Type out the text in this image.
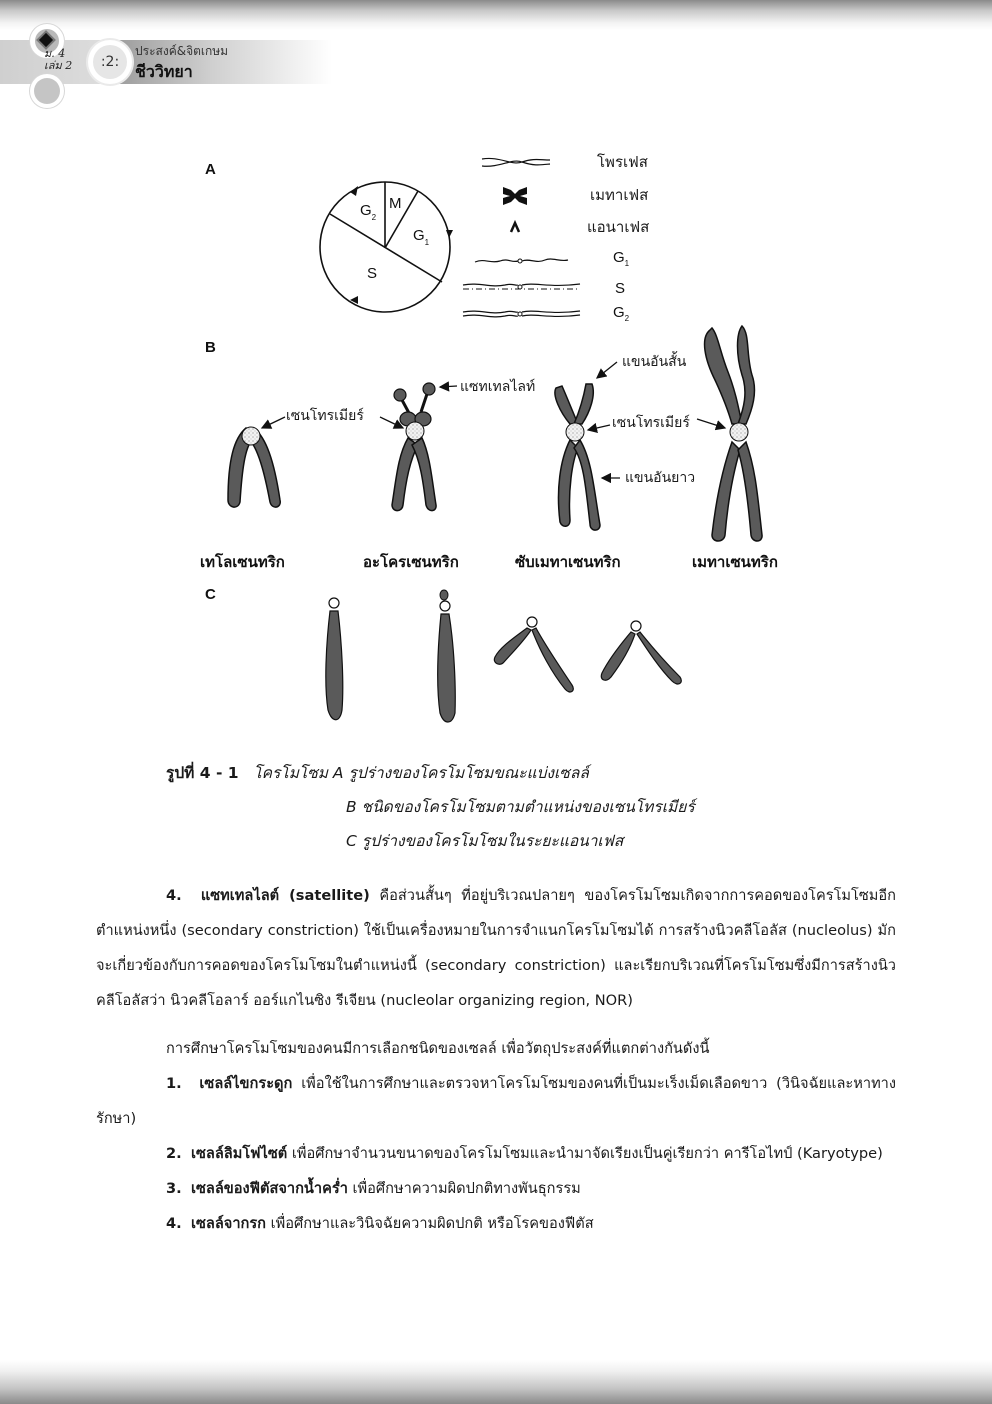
ม. 4
เล่ม 2	:2:
ประสงค์&จิตเกษม
ชีววิทยา
A
$G_2$
M
$G_1$
S
โพรเฟส
เมทาเฟส
แอนาเฟส
$G_1$
S
$G_2$
B
เซนโทรเมียร์
แซทเทลไลท์
แขนอันสั้น
เซนโทรเมียร์
แขนอันยาว
เทโลเซนทริก	อะโครเซนทริก	ซับเมทาเซนทริก	เมทาเซนทริก
C
รูปที่ 4 - 1 โครโมโซม A รูปร่างของโครโมโซมขณะแบ่งเซลล์
B ชนิดของโครโมโซมตามตำแหน่งของเซนโทรเมียร์
C รูปร่างของโครโมโซมในระยะแอนาเฟส

4. แซทเทลไลต์ (satellite) คือส่วนสั้นๆ ที่อยู่บริเวณปลายๆ ของโครโมโซมเกิดจากการคอดของโครโมโซมอีกตำแหน่งหนึ่ง (secondary constriction) ใช้เป็นเครื่องหมายในการจำแนกโครโมโซมได้ การสร้างนิวคลีโอลัส (nucleolus) มักจะเกี่ยวข้องกับการคอดของโครโมโซมในตำแหน่งนี้ (secondary constriction) และเรียกบริเวณที่โครโมโซมซึ่งมีการสร้างนิวคลีโอลัสว่า นิวคลีโอลาร์ ออร์แกไนซิง รีเจียน (nucleolar organizing region, NOR)

การศึกษาโครโมโซมของคนมีการเลือกชนิดของเซลล์ เพื่อวัตถุประสงค์ที่แตกต่างกันดังนี้

1. เซลล์ไขกระดูก เพื่อใช้ในการศึกษาและตรวจหาโครโมโซมของคนที่เป็นมะเร็งเม็ดเลือดขาว (วินิจฉัยและหาทางรักษา)

2. เซลล์ลิมโฟไซต์ เพื่อศึกษาจำนวนขนาดของโครโมโซมและนำมาจัดเรียงเป็นคู่เรียกว่า คารีโอไทป์ (Karyotype)

3. เซลล์ของฟีตัสจากน้ำคร่ำ เพื่อศึกษาความผิดปกติทางพันธุกรรม

4. เซลล์จากรก เพื่อศึกษาและวินิจฉัยความผิดปกติ หรือโรคของฟีตัส
